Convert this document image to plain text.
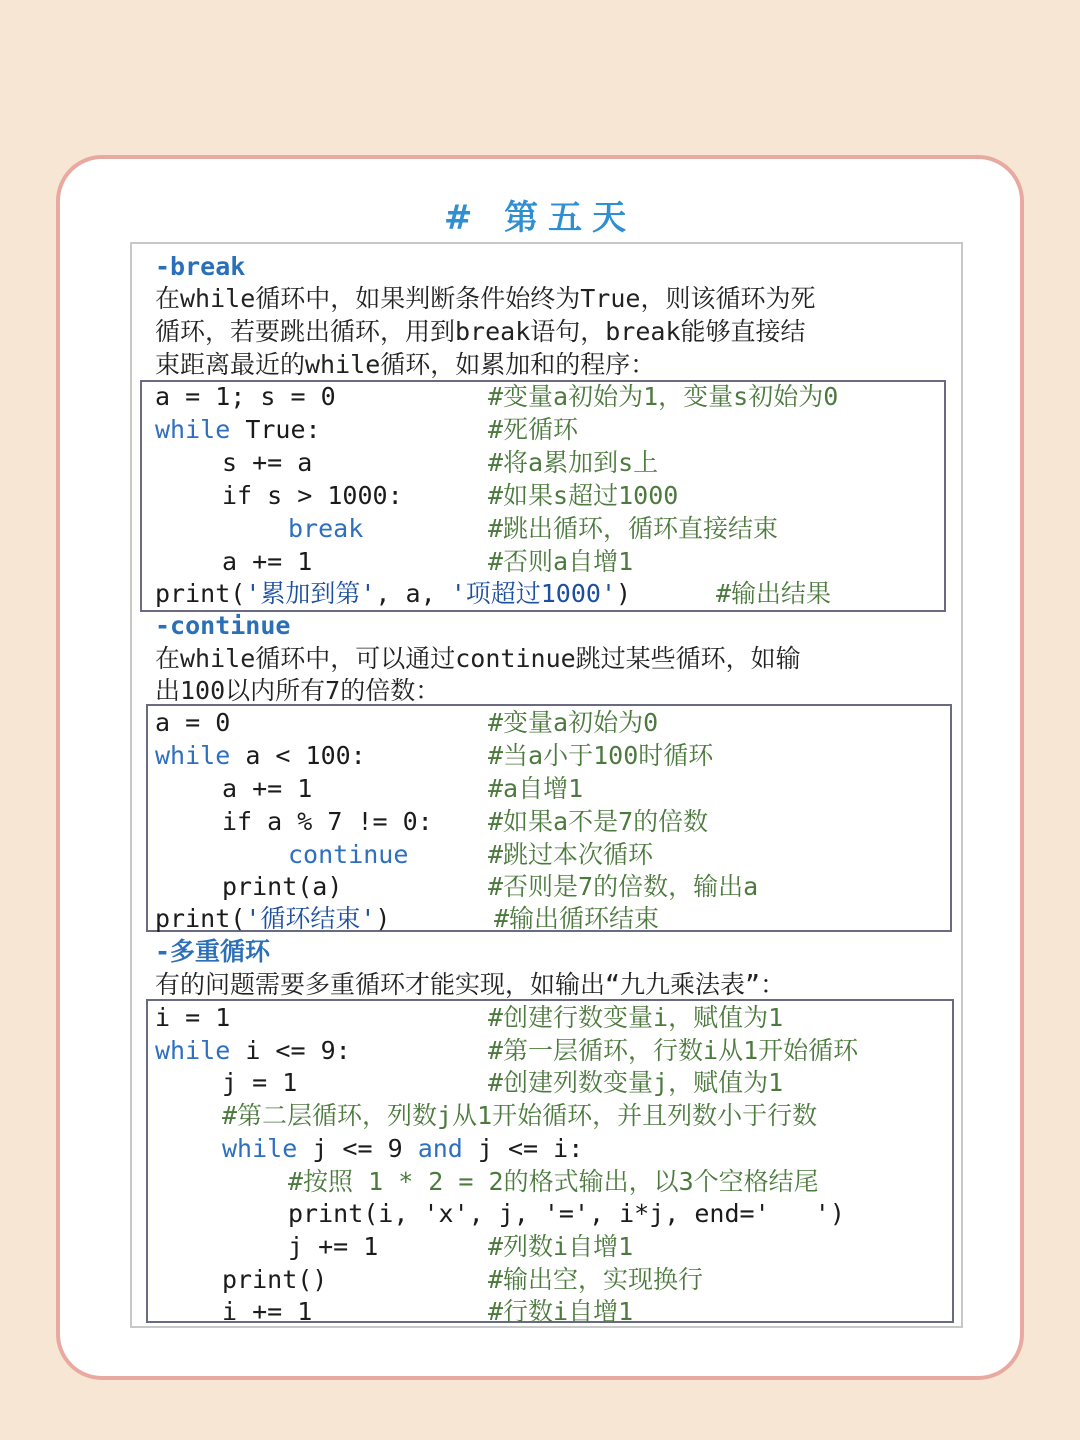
# 第五天
-break
在while循环中，如果判断条件始终为True，则该循环为死
循环，若要跳出循环，用到break语句，break能够直接结
束距离最近的while循环，如累加和的程序：
a = 1; s = 0
while True:
s += a
if s > 1000:
break
a += 1
print('累加到第', a, '项超过1000')
#变量a初始为1，变量s初始为0
#死循环
#将a累加到s上
#如果s超过1000
#跳出循环，循环直接结束
#否则a自增1
#输出结果
-continue
在while循环中，可以通过continue跳过某些循环，如输
出100以内所有7的倍数：
a = 0
while a < 100:
a += 1
if a % 7 != 0:
continue
print(a)
print('循环结束')
#变量a初始为0
#当a小于100时循环
#a自增1
#如果a不是7的倍数
#跳过本次循环
#否则是7的倍数，输出a
#输出循环结束
-多重循环
有的问题需要多重循环才能实现，如输出“九九乘法表”：
i = 1
while i <= 9:
j = 1
#第二层循环，列数j从1开始循环，并且列数小于行数
while j <= 9 and j <= i:
#按照 1 * 2 = 2的格式输出，以3个空格结尾
print(i, 'x', j, '=', i*j, end='   ')
j += 1
print()
i += 1
#创建行数变量i，赋值为1
#第一层循环，行数i从1开始循环
#创建列数变量j，赋值为1
#列数i自增1
#输出空，实现换行
#行数i自增1
